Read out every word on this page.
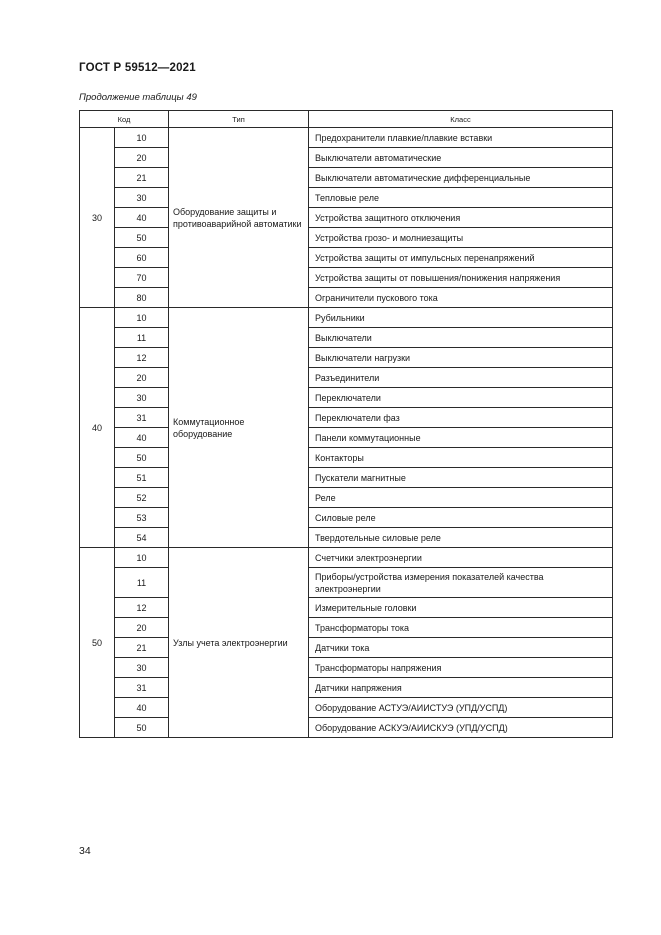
ГОСТ Р 59512—2021
Продолжение таблицы 49
Код		Тип	Класс
30	10	Оборудование защиты и противоаварийной автоматики	Предохранители плавкие/плавкие вставки
	20		Выключатели автоматические
	21		Выключатели автоматические дифференциальные
	30		Тепловые реле
	40		Устройства защитного отключения
	50		Устройства грозо- и молниезащиты
	60		Устройства защиты от импульсных перенапряжений
	70		Устройства защиты от повышения/понижения напряжения
	80		Ограничители пускового тока
40	10	Коммутационное оборудование	Рубильники
	11		Выключатели
	12		Выключатели нагрузки
	20		Разъединители
	30		Переключатели
	31		Переключатели фаз
	40		Панели коммутационные
	50		Контакторы
	51		Пускатели магнитные
	52		Реле
	53		Силовые реле
	54		Твердотельные силовые реле
50	10	Узлы учета электроэнергии	Счетчики электроэнергии
	11		Приборы/устройства измерения показателей качества электроэнергии
	12		Измерительные головки
	20		Трансформаторы тока
	21		Датчики тока
	30		Трансформаторы напряжения
	31		Датчики напряжения
	40		Оборудование АСТУЭ/АИИСТУЭ (УПД/УСПД)
	50		Оборудование АСКУЭ/АИИСКУЭ (УПД/УСПД)
34
